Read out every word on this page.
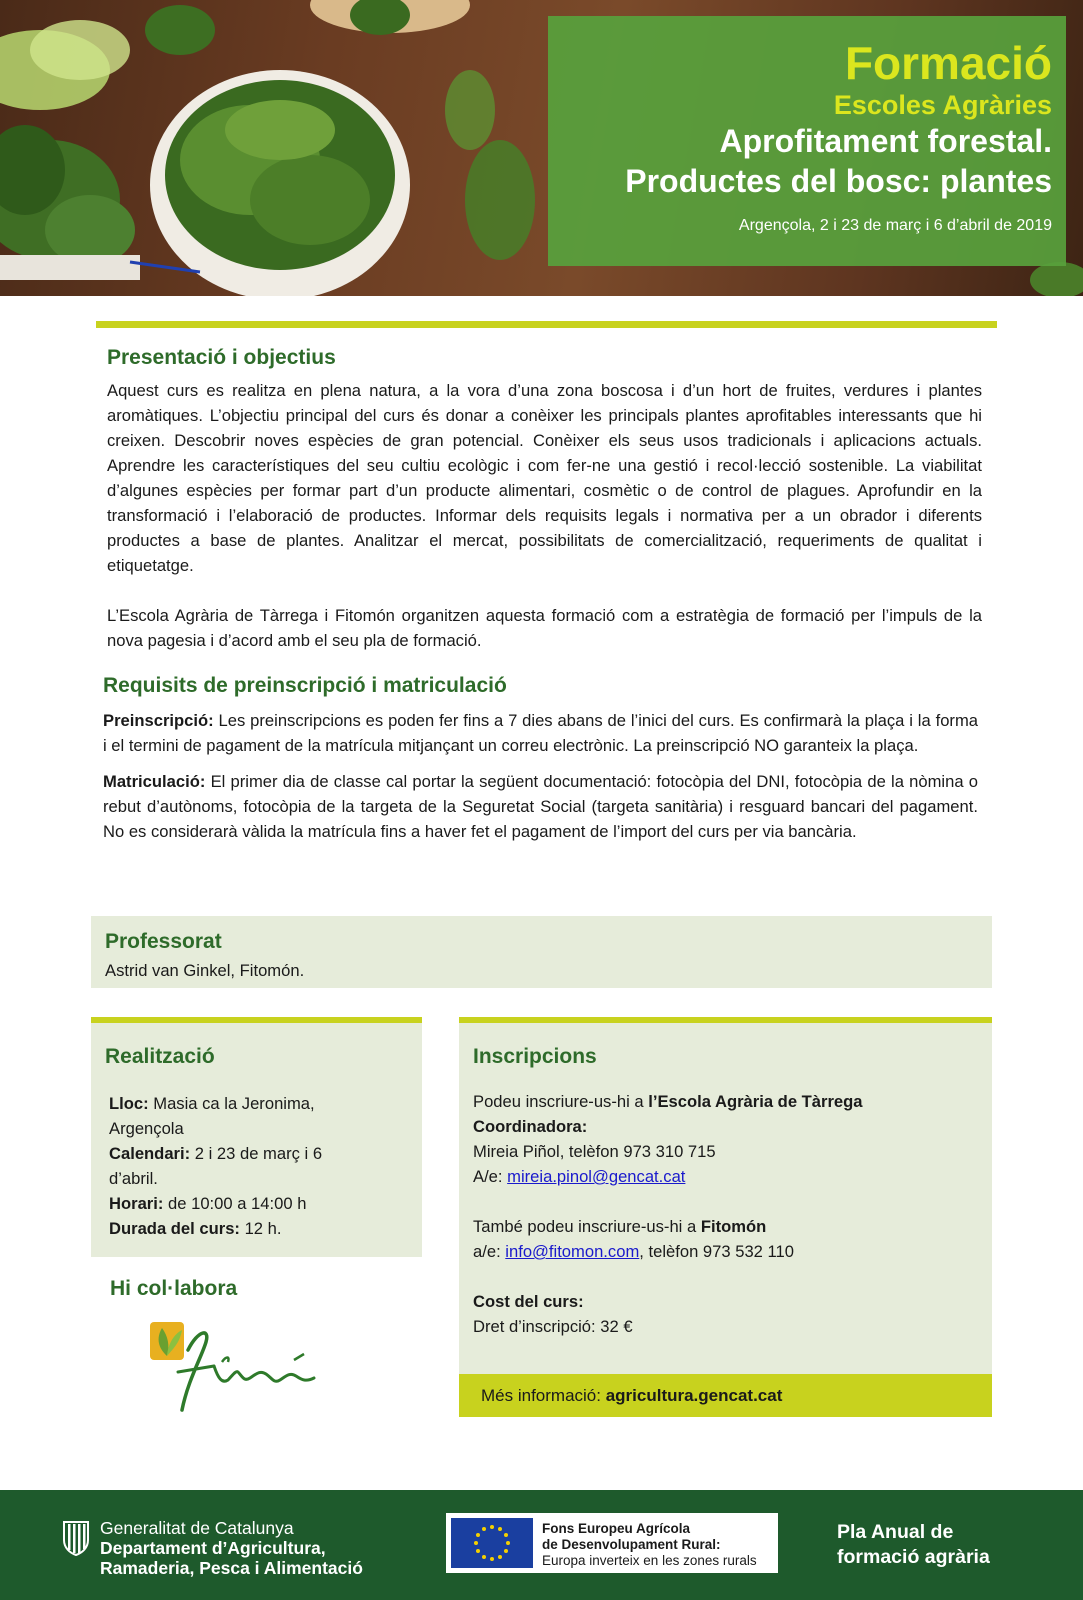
Formació
Escoles Agràries
Aprofitament forestal.
Productes del bosc: plantes
Argençola, 2 i 23 de març i 6 d’abril de 2019
Presentació i objectius

Aquest curs es realitza en plena natura, a la vora d’una zona boscosa i d’un hort de fruites, verdures i plantes aromàtiques. L’objectiu principal del curs és donar a conèixer les principals plantes aprofitables interessants que hi creixen. Descobrir noves espècies de gran potencial. Conèixer els seus usos tradicionals i aplicacions actuals. Aprendre les característiques del seu cultiu ecològic i com fer-ne una gestió i recol·lecció sostenible. La viabilitat d’algunes espècies per formar part d’un producte alimentari, cosmètic o de control de plagues. Aprofundir en la transformació i l’elaboració de productes. Informar dels requisits legals i normativa per a un obrador i diferents productes a base de plantes. Analitzar el mercat, possibilitats de comercialització, requeriments de qualitat i etiquetatge.

L’Escola Agrària de Tàrrega i Fitomón organitzen aquesta formació com a estratègia de formació per l’impuls de la nova pagesia i d’acord amb el seu pla de formació.

Requisits de preinscripció i matriculació

Preinscripció: Les preinscripcions es poden fer fins a 7 dies abans de l’inici del curs. Es confirmarà la plaça i la forma i el termini de pagament de la matrícula mitjançant un correu electrònic. La preinscripció NO garanteix la plaça.

Matriculació: El primer dia de classe cal portar la següent documentació: fotocòpia del DNI, fotocòpia de la nòmina o rebut d’autònoms, fotocòpia de la targeta de la Seguretat Social (targeta sanitària) i resguard bancari del pagament. No es considerarà vàlida la matrícula fins a haver fet el pagament de l’import del curs per via bancària.

Professorat
Astrid van Ginkel, Fitomón.
Realització
Lloc: Masia ca la Jeronima,
Argençola
Calendari: 2 i 23 de març i 6
d’abril.
Horari: de 10:00 a 14:00 h
Durada del curs: 12 h.
Inscripcions
Podeu inscriure-us-hi a l’Escola Agrària de Tàrrega
Coordinadora:
Mireia Piñol, telèfon 973 310 715
A/e: mireia.pinol@gencat.cat
També podeu inscriure-us-hi a Fitomón
a/e: info@fitomon.com, telèfon 973 532 110
Cost del curs:
Dret d’inscripció: 32 €
Més informació: agricultura.gencat.cat
Hi col·labora
Generalitat de Catalunya
Departament d’Agricultura,
Ramaderia, Pesca i Alimentació
Fons Europeu Agrícola
de Desenvolupament Rural:
Europa inverteix en les zones rurals
Pla Anual de
formació agrària
